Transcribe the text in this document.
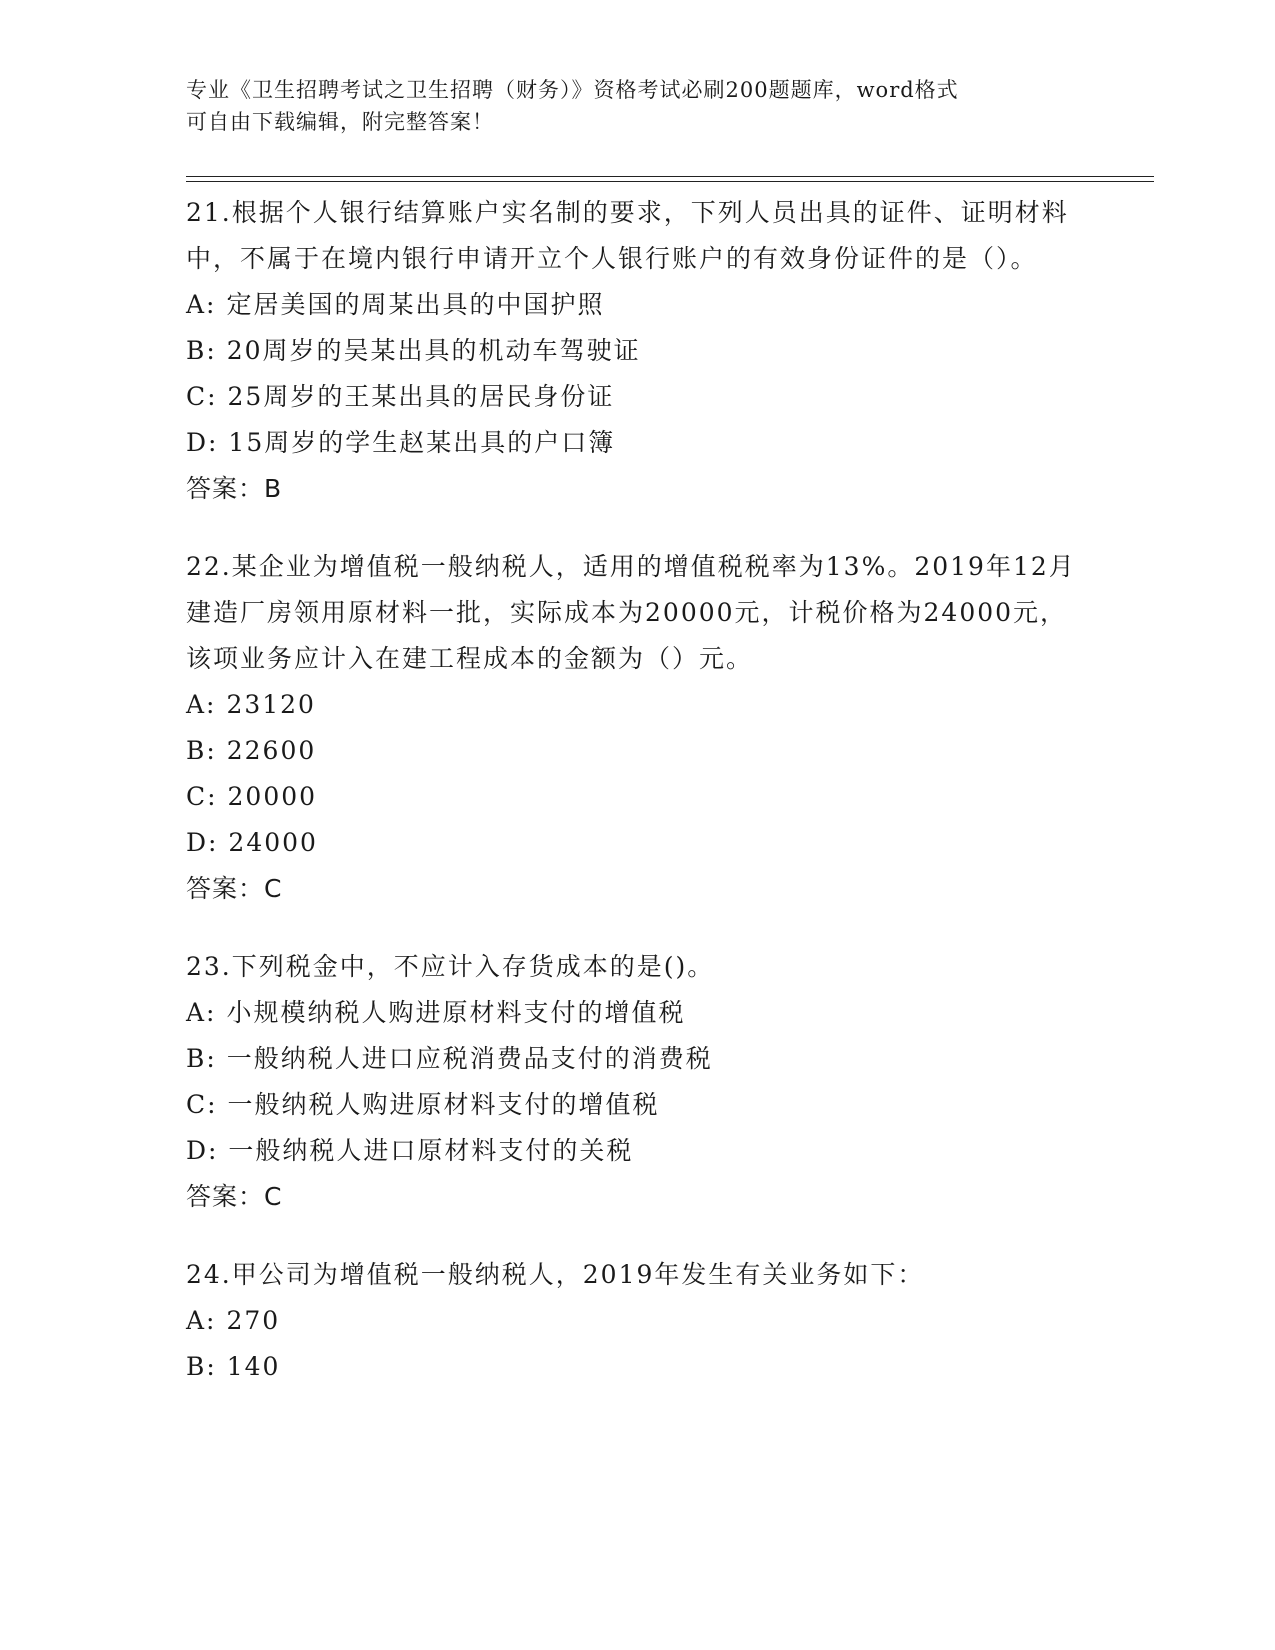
专业《卫生招聘考试之卫生招聘（财务）》资格考试必刷200题题库，word格式
可自由下载编辑，附完整答案！
21.根据个人银行结算账户实名制的要求，下列人员出具的证件、证明材料中，不属于在境内银行申请开立个人银行账户的有效身份证件的是（）。
A: 定居美国的周某出具的中国护照
B: 20周岁的吴某出具的机动车驾驶证
C: 25周岁的王某出具的居民身份证
D: 15周岁的学生赵某出具的户口簿
答案：B
22.某企业为增值税一般纳税人，适用的增值税税率为13%。2019年12月建造厂房领用原材料一批，实际成本为20000元，计税价格为24000元，该项业务应计入在建工程成本的金额为（）元。
A: 23120
B: 22600
C: 20000
D: 24000
答案：C
23.下列税金中，不应计入存货成本的是()。
A: 小规模纳税人购进原材料支付的增值税
B: 一般纳税人进口应税消费品支付的消费税
C: 一般纳税人购进原材料支付的增值税
D: 一般纳税人进口原材料支付的关税
答案：C
24.甲公司为增值税一般纳税人，2019年发生有关业务如下：
A: 270
B: 140
